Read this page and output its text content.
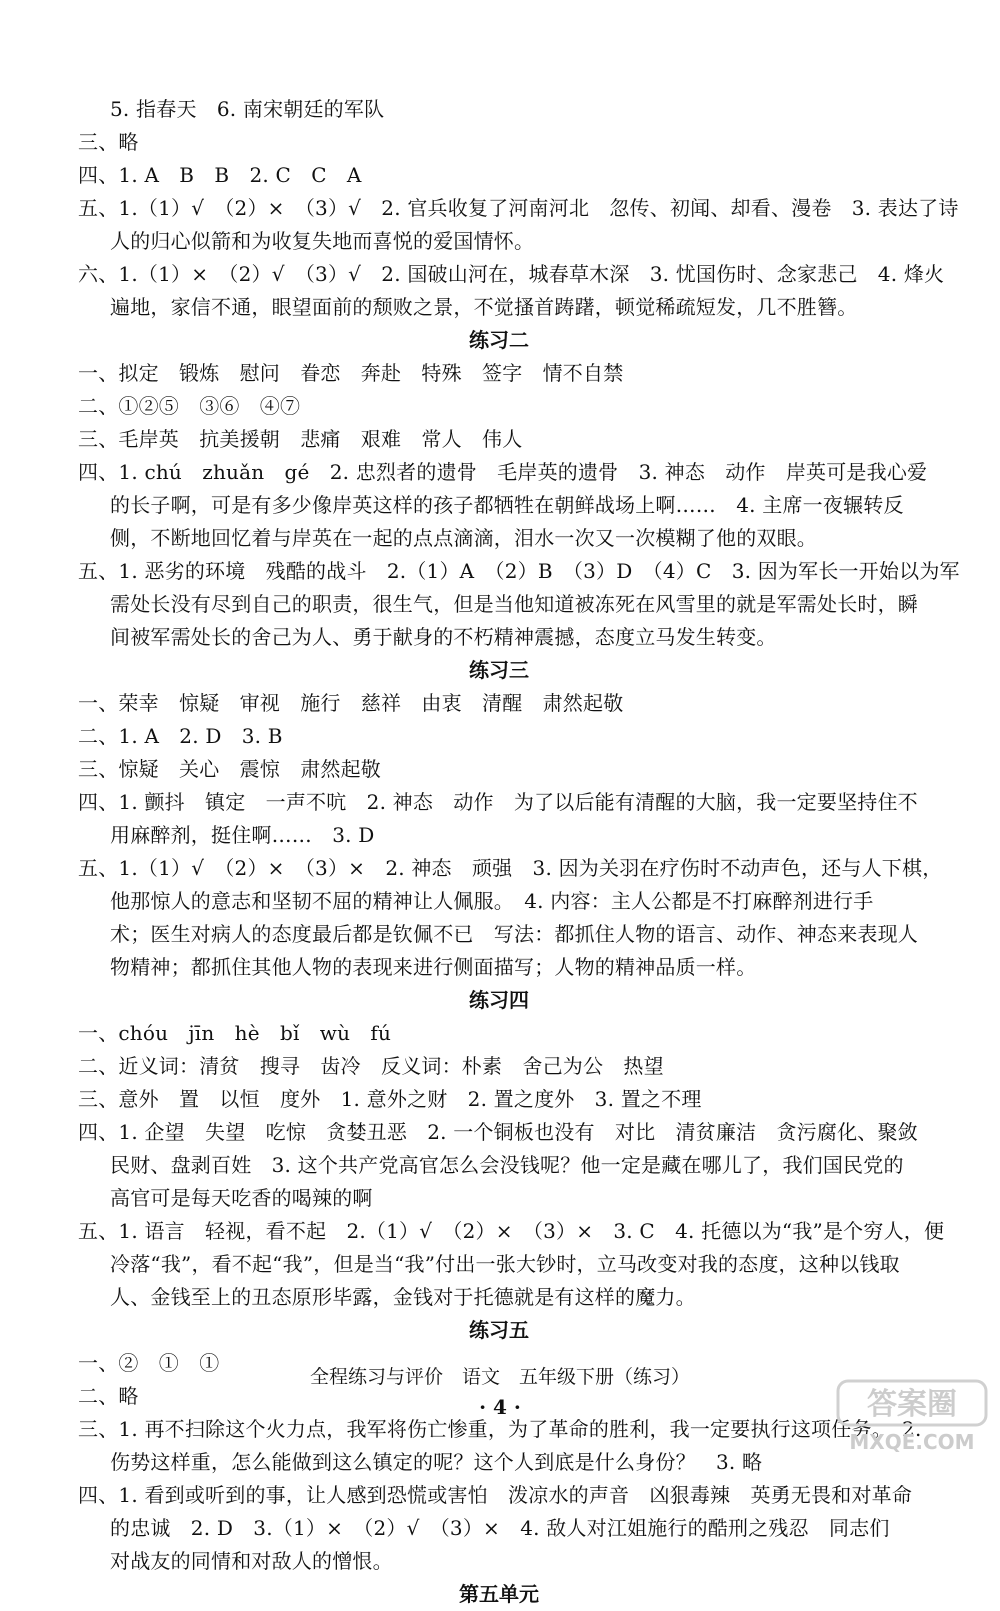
5. 指春天　6. 南宋朝廷的军队
三、略
四、1. A　B　B　2. C　C　A
五、1.（1）√　（2）×　（3）√　2. 官兵收复了河南河北　忽传、初闻、却看、漫卷　3. 表达了诗
人的归心似箭和为收复失地而喜悦的爱国情怀。
六、1.（1）×　（2）√　（3）√　2. 国破山河在，城春草木深　3. 忧国伤时、念家悲己　4. 烽火
遍地，家信不通，眼望面前的颓败之景，不觉搔首踌躇，顿觉稀疏短发，几不胜簪。
练习二
一、拟定　锻炼　慰问　眷恋　奔赴　特殊　签字　情不自禁
二、①②⑤　③⑥　④⑦
三、毛岸英　抗美援朝　悲痛　艰难　常人　伟人
四、1. chú　zhuǎn　gé　2. 忠烈者的遗骨　毛岸英的遗骨　3. 神态　动作　岸英可是我心爱
的长子啊，可是有多少像岸英这样的孩子都牺牲在朝鲜战场上啊……　4. 主席一夜辗转反
侧，不断地回忆着与岸英在一起的点点滴滴，泪水一次又一次模糊了他的双眼。
五、1. 恶劣的环境　残酷的战斗　2.（1）A　（2）B　（3）D　（4）C　3. 因为军长一开始以为军
需处长没有尽到自己的职责，很生气，但是当他知道被冻死在风雪里的就是军需处长时，瞬
间被军需处长的舍己为人、勇于献身的不朽精神震撼，态度立马发生转变。
练习三
一、荣幸　惊疑　审视　施行　慈祥　由衷　清醒　肃然起敬
二、1. A　2. D　3. B
三、惊疑　关心　震惊　肃然起敬
四、1. 颤抖　镇定　一声不吭　2. 神态　动作　为了以后能有清醒的大脑，我一定要坚持住不
用麻醉剂，挺住啊……　3. D
五、1.（1）√　（2）×　（3）×　2. 神态　顽强　3. 因为关羽在疗伤时不动声色，还与人下棋，
他那惊人的意志和坚韧不屈的精神让人佩服。　4. 内容：主人公都是不打麻醉剂进行手
术；医生对病人的态度最后都是钦佩不已　写法：都抓住人物的语言、动作、神态来表现人
物精神；都抓住其他人物的表现来进行侧面描写；人物的精神品质一样。
练习四
一、chóu　jīn　hè　bǐ　wù　fú
二、近义词：清贫　搜寻　齿冷　反义词：朴素　舍己为公　热望
三、意外　置　以恒　度外　1. 意外之财　2. 置之度外　3. 置之不理
四、1. 企望　失望　吃惊　贪婪丑恶　2. 一个铜板也没有　对比　清贫廉洁　贪污腐化、聚敛
民财、盘剥百姓　3. 这个共产党高官怎么会没钱呢？他一定是藏在哪儿了，我们国民党的
高官可是每天吃香的喝辣的啊
五、1. 语言　轻视，看不起　2.（1）√　（2）×　（3）×　3. C　4. 托德以为“我”是个穷人，便
冷落“我”，看不起“我”，但是当“我”付出一张大钞时，立马改变对我的态度，这种以钱取
人、金钱至上的丑态原形毕露，金钱对于托德就是有这样的魔力。
练习五
一、②　①　①
二、略
三、1. 再不扫除这个火力点，我军将伤亡惨重，为了革命的胜利，我一定要执行这项任务。　2.
伤势这样重，怎么能做到这么镇定的呢？这个人到底是什么身份？　3. 略
四、1. 看到或听到的事，让人感到恐慌或害怕　泼凉水的声音　凶狠毒辣　英勇无畏和对革命
的忠诚　2. D　3.（1）×　（2）√　（3）×　4. 敌人对江姐施行的酷刑之残忍　同志们
对战友的同情和对敌人的憎恨。
第五单元
全程练习与评价　语文　五年级下册（练习）
· 4 ·	答案圈
MXQE.COM
